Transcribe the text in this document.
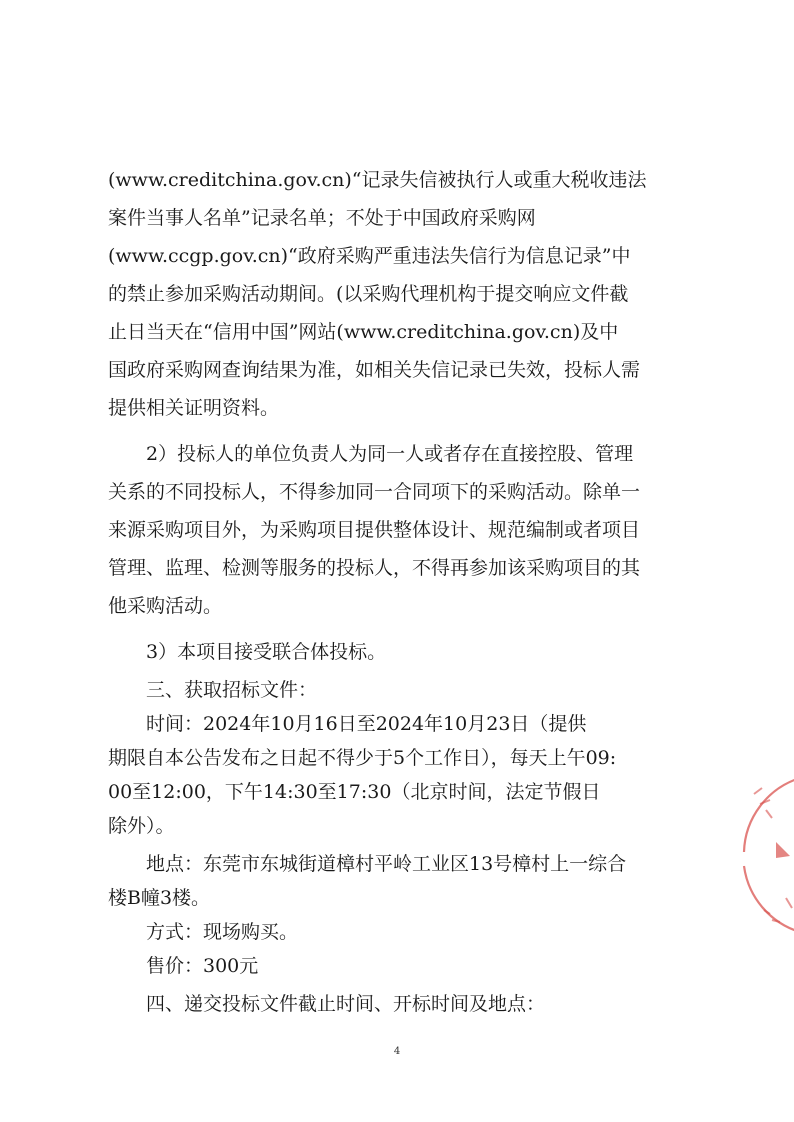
(www.creditchina.gov.cn)“记录失信被执行人或重大税收违法
案件当事人名单”记录名单；不处于中国政府采购网
(www.ccgp.gov.cn)“政府采购严重违法失信行为信息记录”中
的禁止参加采购活动期间。(以采购代理机构于提交响应文件截
止日当天在“信用中国”网站(www.creditchina.gov.cn)及中
国政府采购网查询结果为准，如相关失信记录已失效，投标人需
提供相关证明资料。
2）投标人的单位负责人为同一人或者存在直接控股、管理
关系的不同投标人，不得参加同一合同项下的采购活动。除单一
来源采购项目外，为采购项目提供整体设计、规范编制或者项目
管理、监理、检测等服务的投标人，不得再参加该采购项目的其
他采购活动。
3）本项目接受联合体投标。
三、获取招标文件：
时间：2024年10月16日至2024年10月23日（提供
期限自本公告发布之日起不得少于5个工作日），每天上午09:
00至12:00，下午14:30至17:30（北京时间，法定节假日
除外）。
地点：东莞市东城街道樟村平岭工业区13号樟村上一综合
楼B幢3楼。
方式：现场购买。
售价：300元
四、递交投标文件截止时间、开标时间及地点：
4
